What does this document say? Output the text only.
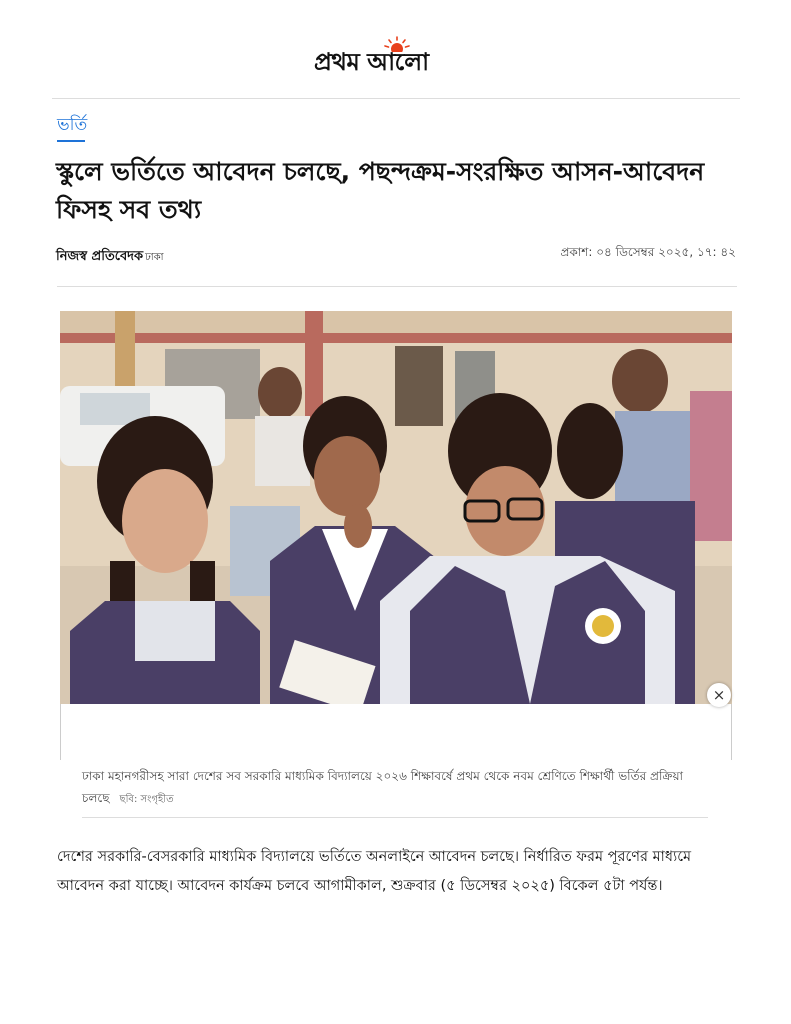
প্রথম আলো
ভর্তি
স্কুলে ভর্তিতে আবেদন চলছে, পছন্দক্রম-সংরক্ষিত আসন-আবেদন ফিসহ সব তথ্য
নিজস্ব প্রতিবেদক ঢাকা	প্রকাশ: ০৪ ডিসেম্বর ২০২৫, ১৭: ৪২
×
ঢাকা মহানগরীসহ সারা দেশের সব সরকারি মাধ্যমিক বিদ্যালয়ে ২০২৬ শিক্ষাবর্ষে প্রথম থেকে নবম শ্রেণিতে শিক্ষার্থী ভর্তির প্রক্রিয়া চলছে ছবি: সংগৃহীত

দেশের সরকারি-বেসরকারি মাধ্যমিক বিদ্যালয়ে ভর্তিতে অনলাইনে আবেদন চলছে। নির্ধারিত ফরম পূরণের মাধ্যমে আবেদন করা যাচ্ছে। আবেদন কার্যক্রম চলবে আগামীকাল, শুক্রবার (৫ ডিসেম্বর ২০২৫) বিকেল ৫টা পর্যন্ত।
